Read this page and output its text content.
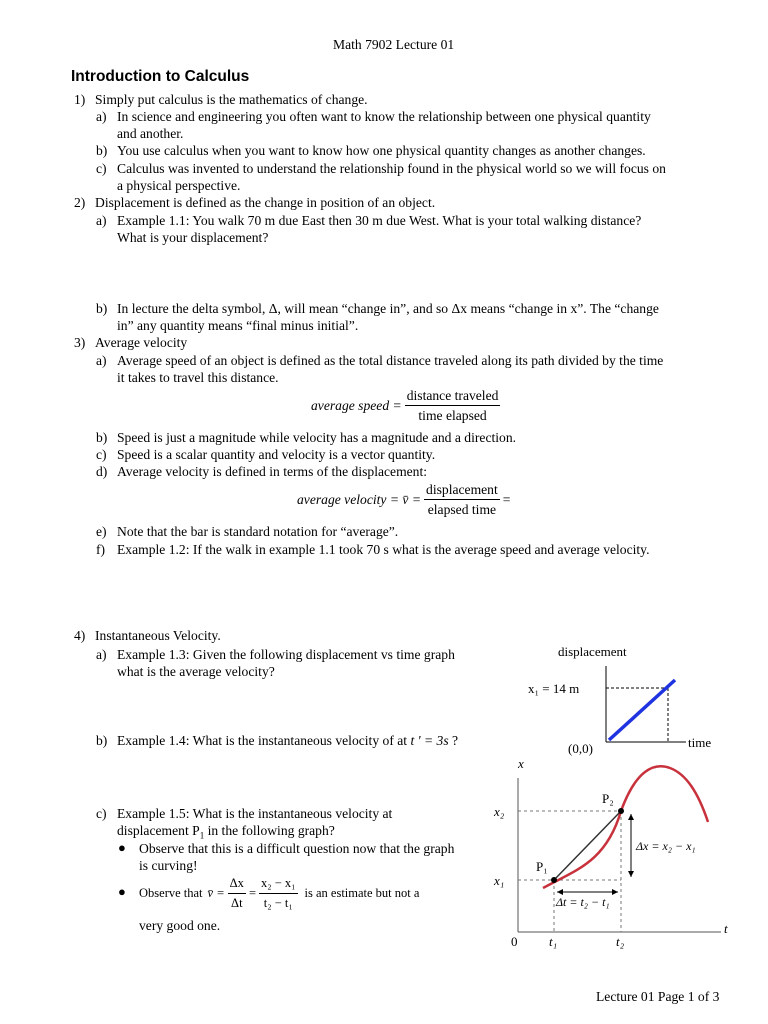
Math 7902 Lecture 01
Introduction to Calculus
1) Simply put calculus is the mathematics of change.
a) In science and engineering you often want to know the relationship between one physical quantity
and another.
b) You use calculus when you want to know how one physical quantity changes as another changes.
c) Calculus was invented to understand the relationship found in the physical world so we will focus on
a physical perspective.
2) Displacement is defined as the change in position of an object.
a) Example 1.1: You walk 70 m due East then 30 m due West. What is your total walking distance?
What is your displacement?
b) In lecture the delta symbol, Δ, will mean “change in”, and so Δx means “change in x”. The “change
in” any quantity means “final minus initial”.
3) Average velocity
a) Average speed of an object is defined as the total distance traveled along its path divided by the time
it takes to travel this distance.
average speed = $\frac{\text{distance traveled}}{\text{time elapsed}}$
b) Speed is just a magnitude while velocity has a magnitude and a direction.
c) Speed is a scalar quantity and velocity is a vector quantity.
d) Average velocity is defined in terms of the displacement:
average velocity = v̄ = $\frac{\text{displacement}}{\text{elapsed time}}$ =
e) Note that the bar is standard notation for “average”.
f) Example 1.2: If the walk in example 1.1 took 70 s what is the average speed and average velocity.
4) Instantaneous Velocity.
a) Example 1.3: Given the following displacement vs time graph
what is the average velocity?
b) Example 1.4: What is the instantaneous velocity of at t ' = 3s ?
c) Example 1.5: What is the instantaneous velocity at
displacement $P_1$ in the following graph?
● Observe that this is a difficult question now that the graph
is curving!
● Observe that v̄ = $\frac{\Delta x}{\Delta t} = \frac{\text{x₂ − x₁}}{\text{t₂ − t₁}}$ is an estimate but not a
very good one.
displacement
x₁ = 14 m
time
(0,0)
x
t
x₂
x₁
0 t₁	t₂
P₁
P₂
Δx = x₂ − x₁
Δt = t₂ − t₁
Lecture 01 Page 1 of 3
